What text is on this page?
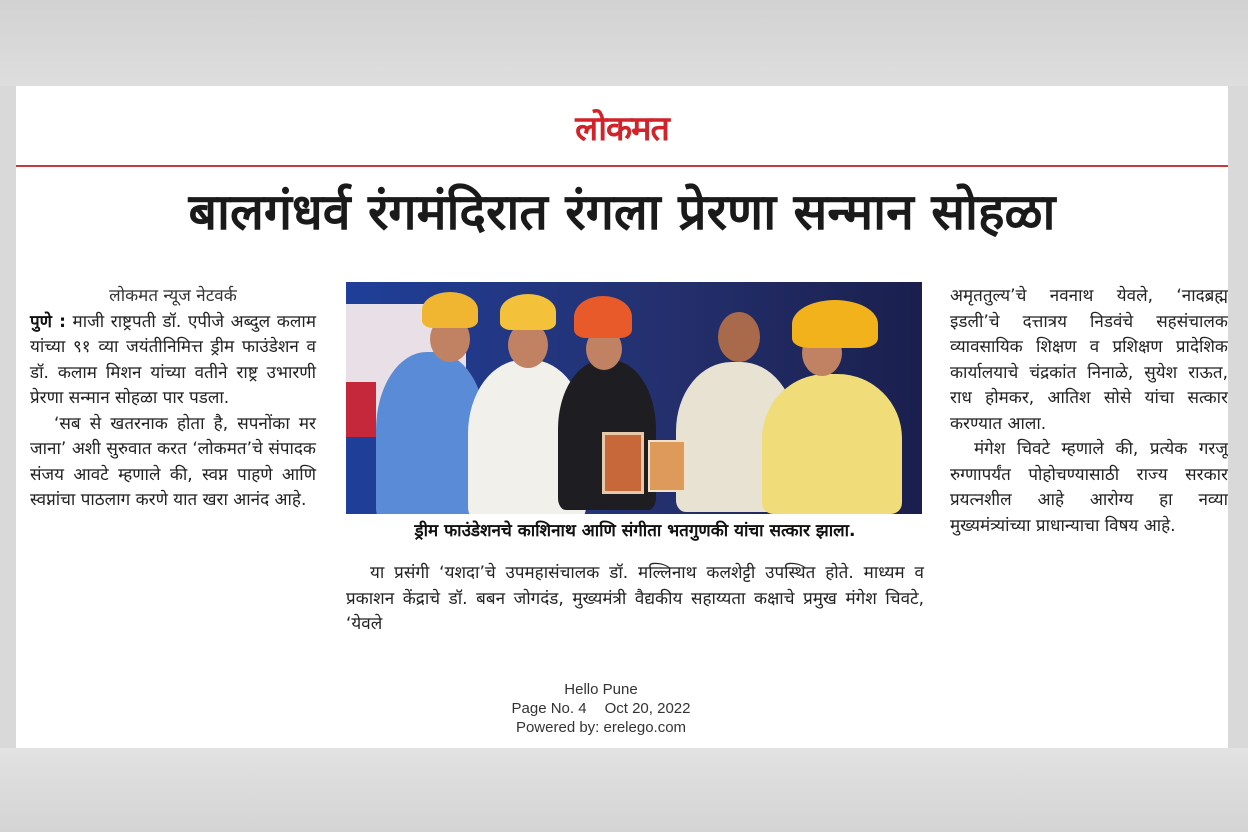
लोकमत
बालगंधर्व रंगमंदिरात रंगला प्रेरणा सन्मान सोहळा

लोकमत न्यूज नेटवर्क

पुणे : माजी राष्ट्रपती डॉ. एपीजे अब्दुल कलाम यांच्या ९१ व्या जयंतीनिमित्त ड्रीम फाउंडेशन व डॉ. कलाम मिशन यांच्या वतीने राष्ट्र उभारणी प्रेरणा सन्मान सोहळा पार पडला.

‘सब से खतरनाक होता है, सपनोंका मर जाना’ अशी सुरुवात करत ‘लोकमत’चे संपादक संजय आवटे म्हणाले की, स्वप्न पाहणे आणि स्वप्नांचा पाठलाग करणे यात खरा आनंद आहे.

ड्रीम फाउंडेशनचे काशिनाथ आणि संगीता भतगुणकी यांचा सत्कार झाला.

या प्रसंगी ‘यशदा’चे उपमहासंचालक डॉ. मल्लिनाथ कलशेट्टी उपस्थित होते. माध्यम व प्रकाशन केंद्राचे डॉ. बबन जोगदंड, मुख्यमंत्री वैद्यकीय सहाय्यता कक्षाचे प्रमुख मंगेश चिवटे, ‘येवले

अमृततुल्य’चे नवनाथ येवले, ‘नादब्रह्म इडली’चे दत्तात्रय निडवंचे सहसंचालक व्यावसायिक शिक्षण व प्रशिक्षण प्रादेशिक कार्यालयाचे चंद्रकांत निनाळे, सुयेश राऊत, राध होमकर, आतिश सोसे यांचा सत्कार करण्यात आला.

मंगेश चिवटे म्हणाले की, प्रत्येक गरजू रुग्णापर्यंत पोहोचण्यासाठी राज्य सरकार प्रयत्नशील आहे आरोग्य हा नव्या मुख्यमंत्र्यांच्या प्राधान्याचा विषय आहे.

Hello Pune
Page No. 4 Oct 20, 2022
Powered by: erelego.com
